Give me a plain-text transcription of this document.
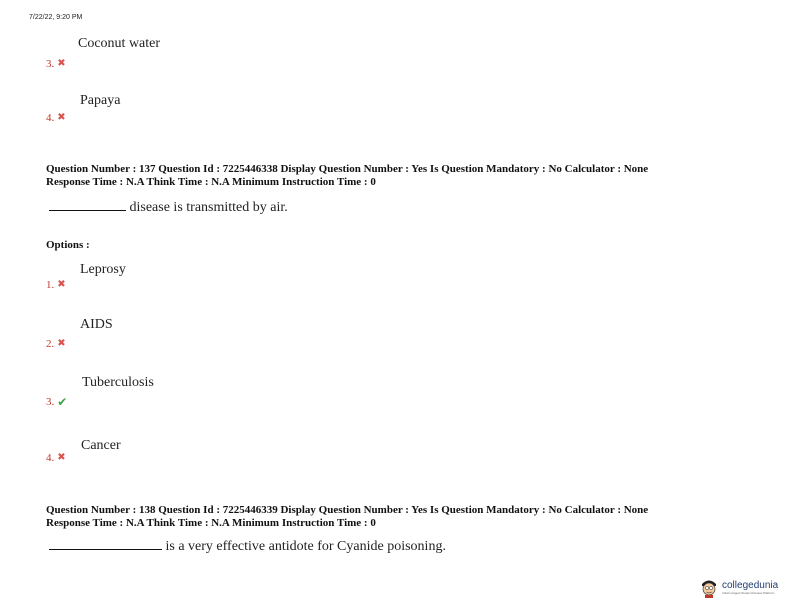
7/22/22, 9:20 PM
Coconut water
3. ✖
Papaya
4. ✖
Question Number : 137 Question Id : 7225446338 Display Question Number : Yes Is Question Mandatory : No Calculator : None
Response Time : N.A Think Time : N.A Minimum Instruction Time : 0
disease is transmitted by air.
Options :
Leprosy
1. ✖
AIDS
2. ✖
Tuberculosis
3. ✔
Cancer
4. ✖
Question Number : 138 Question Id : 7225446339 Display Question Number : Yes Is Question Mandatory : No Calculator : None
Response Time : N.A Think Time : N.A Minimum Instruction Time : 0
is a very effective antidote for Cyanide poisoning.
collegedunia
India's largest Student Review Platform
